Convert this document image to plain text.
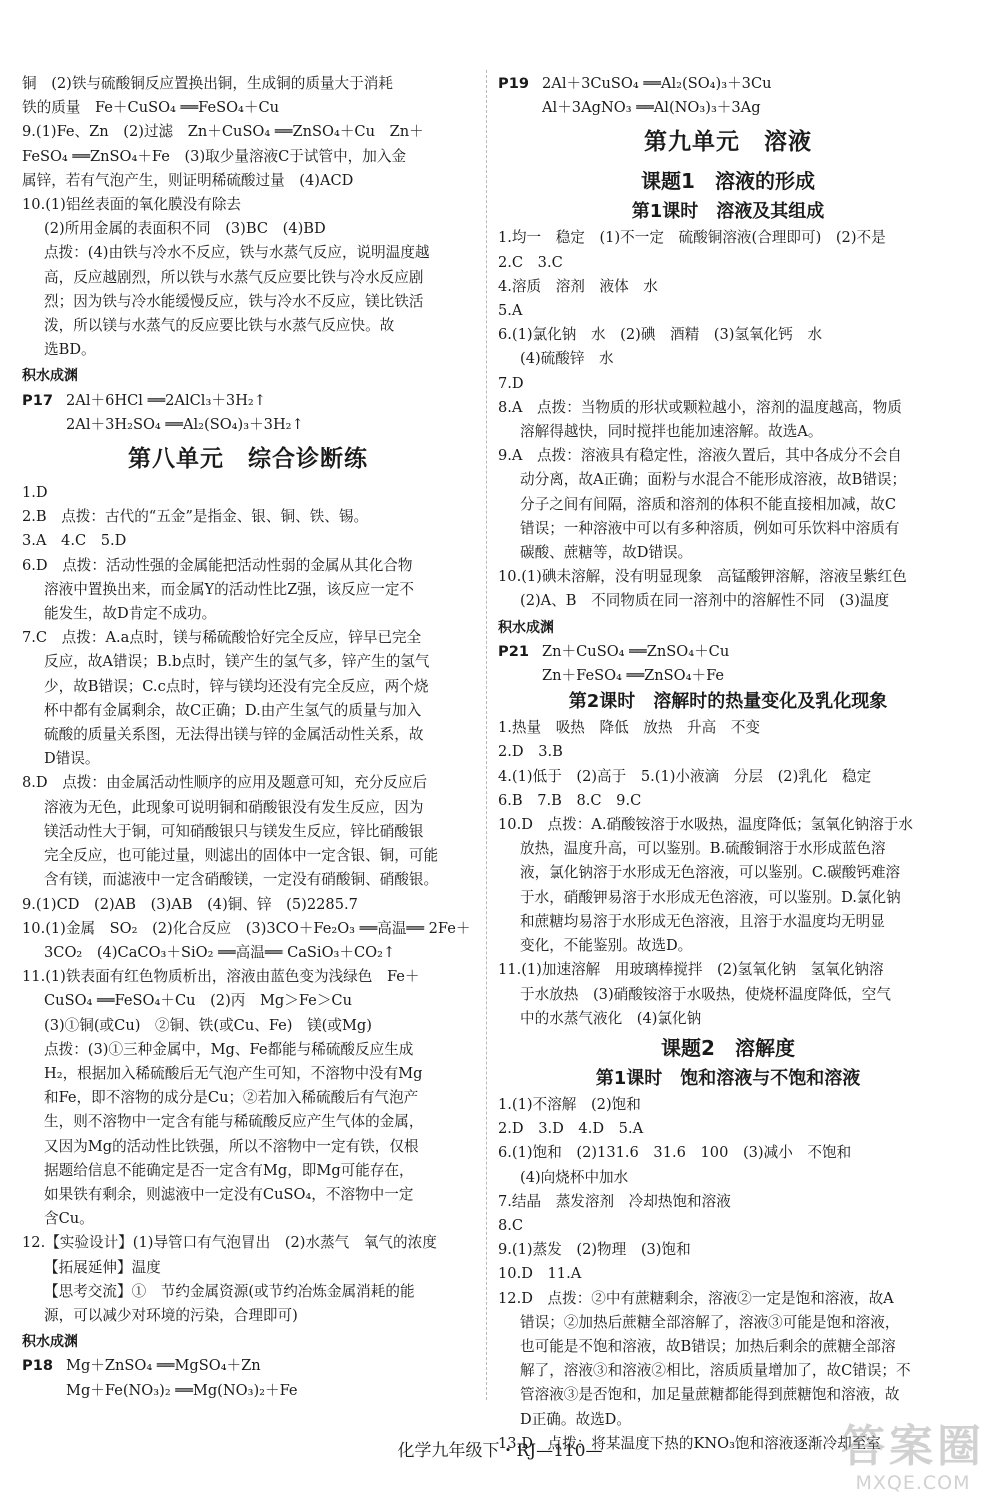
铜　(2)铁与硫酸铜反应置换出铜，生成铜的质量大于消耗
铁的质量　Fe＋CuSO₄ ══FeSO₄＋Cu
9.(1)Fe、Zn　(2)过滤　Zn＋CuSO₄ ══ZnSO₄＋Cu　Zn＋
FeSO₄ ══ZnSO₄＋Fe　(3)取少量溶液C于试管中，加入金
属锌，若有气泡产生，则证明稀硫酸过量　(4)ACD
10.(1)铝丝表面的氧化膜没有除去
(2)所用金属的表面积不同　(3)BC　(4)BD
点拨：(4)由铁与冷水不反应，铁与水蒸气反应，说明温度越
高，反应越剧烈，所以铁与水蒸气反应要比铁与冷水反应剧
烈；因为铁与冷水能缓慢反应，铁与冷水不反应，镁比铁活
泼，所以镁与水蒸气的反应要比铁与水蒸气反应快。故
选BD。
积水成渊
P17 2Al＋6HCl ══2AlCl₃＋3H₂↑
2Al＋3H₂SO₄ ══Al₂(SO₄)₃＋3H₂↑
第八单元　综合诊断练
1.D
2.B　点拨：古代的“五金”是指金、银、铜、铁、锡。
3.A　4.C　5.D
6.D　点拨：活动性强的金属能把活动性弱的金属从其化合物
溶液中置换出来，而金属Y的活动性比Z强，该反应一定不
能发生，故D肯定不成功。
7.C　点拨：A.a点时，镁与稀硫酸恰好完全反应，锌早已完全
反应，故A错误；B.b点时，镁产生的氢气多，锌产生的氢气
少，故B错误；C.c点时，锌与镁均还没有完全反应，两个烧
杯中都有金属剩余，故C正确；D.由产生氢气的质量与加入
硫酸的质量关系图，无法得出镁与锌的金属活动性关系，故
D错误。
8.D　点拨：由金属活动性顺序的应用及题意可知，充分反应后
溶液为无色，此现象可说明铜和硝酸银没有发生反应，因为
镁活动性大于铜，可知硝酸银只与镁发生反应，锌比硝酸银
完全反应，也可能过量，则滤出的固体中一定含银、铜，可能
含有镁，而滤液中一定含硝酸镁，一定没有硝酸铜、硝酸银。
9.(1)CD　(2)AB　(3)AB　(4)铜、锌　(5)2285.7
10.(1)金属　SO₂　(2)化合反应　(3)3CO＋Fe₂O₃ ══高温══ 2Fe＋
3CO₂　(4)CaCO₃＋SiO₂ ══高温══ CaSiO₃＋CO₂↑
11.(1)铁表面有红色物质析出，溶液由蓝色变为浅绿色　Fe＋
CuSO₄ ══FeSO₄＋Cu　(2)丙　Mg＞Fe＞Cu
(3)①铜(或Cu)　②铜、铁(或Cu、Fe)　镁(或Mg)
点拨：(3)①三种金属中，Mg、Fe都能与稀硫酸反应生成
H₂，根据加入稀硫酸后无气泡产生可知，不溶物中没有Mg
和Fe，即不溶物的成分是Cu；②若加入稀硫酸后有气泡产
生，则不溶物中一定含有能与稀硫酸反应产生气体的金属，
又因为Mg的活动性比铁强，所以不溶物中一定有铁，仅根
据题给信息不能确定是否一定含有Mg，即Mg可能存在，
如果铁有剩余，则滤液中一定没有CuSO₄，不溶物中一定
含Cu。
12.【实验设计】(1)导管口有气泡冒出　(2)水蒸气　氧气的浓度
【拓展延伸】温度
【思考交流】①　节约金属资源(或节约冶炼金属消耗的能
源，可以减少对环境的污染，合理即可)
积水成渊
P18 Mg＋ZnSO₄ ══MgSO₄＋Zn
Mg＋Fe(NO₃)₂ ══Mg(NO₃)₂＋Fe
P19 2Al＋3CuSO₄ ══Al₂(SO₄)₃＋3Cu
Al＋3AgNO₃ ══Al(NO₃)₃＋3Ag
第九单元　溶液
课题1　溶液的形成
第1课时　溶液及其组成
1.均一　稳定　(1)不一定　硫酸铜溶液(合理即可)　(2)不是
2.C　3.C
4.溶质　溶剂　液体　水
5.A
6.(1)氯化钠　水　(2)碘　酒精　(3)氢氧化钙　水
(4)硫酸锌　水
7.D
8.A　点拨：当物质的形状或颗粒越小，溶剂的温度越高，物质
溶解得越快，同时搅拌也能加速溶解。故选A。
9.A　点拨：溶液具有稳定性，溶液久置后，其中各成分不会自
动分离，故A正确；面粉与水混合不能形成溶液，故B错误；
分子之间有间隔，溶质和溶剂的体积不能直接相加减，故C
错误；一种溶液中可以有多种溶质，例如可乐饮料中溶质有
碳酸、蔗糖等，故D错误。
10.(1)碘未溶解，没有明显现象　高锰酸钾溶解，溶液呈紫红色
(2)A、B　不同物质在同一溶剂中的溶解性不同　(3)温度
积水成渊
P21 Zn＋CuSO₄ ══ZnSO₄＋Cu
Zn＋FeSO₄ ══ZnSO₄＋Fe
第2课时　溶解时的热量变化及乳化现象
1.热量　吸热　降低　放热　升高　不变
2.D　3.B
4.(1)低于　(2)高于　5.(1)小液滴　分层　(2)乳化　稳定
6.B　7.B　8.C　9.C
10.D　点拨：A.硝酸铵溶于水吸热，温度降低；氢氧化钠溶于水
放热，温度升高，可以鉴别。B.硫酸铜溶于水形成蓝色溶
液，氯化钠溶于水形成无色溶液，可以鉴别。C.碳酸钙难溶
于水，硝酸钾易溶于水形成无色溶液，可以鉴别。D.氯化钠
和蔗糖均易溶于水形成无色溶液，且溶于水温度均无明显
变化，不能鉴别。故选D。
11.(1)加速溶解　用玻璃棒搅拌　(2)氢氧化钠　氢氧化钠溶
于水放热　(3)硝酸铵溶于水吸热，使烧杯温度降低，空气
中的水蒸气液化　(4)氯化钠
课题2　溶解度
第1课时　饱和溶液与不饱和溶液
1.(1)不溶解　(2)饱和
2.D　3.D　4.D　5.A
6.(1)饱和　(2)131.6　31.6　100　(3)减小　不饱和
(4)向烧杯中加水
7.结晶　蒸发溶剂　冷却热饱和溶液
8.C
9.(1)蒸发　(2)物理　(3)饱和
10.D　11.A
12.D　点拨：②中有蔗糖剩余，溶液②一定是饱和溶液，故A
错误；②加热后蔗糖全部溶解了，溶液③可能是饱和溶液，
也可能是不饱和溶液，故B错误；加热后剩余的蔗糖全部溶
解了，溶液③和溶液②相比，溶质质量增加了，故C错误；不
管溶液③是否饱和，加足量蔗糖都能得到蔗糖饱和溶液，故
D正确。故选D。
13.D　点拨：将某温度下热的KNO₃饱和溶液逐渐冷却至室
化学九年级下・RJ—110—	答案圈
MXQE.COM
